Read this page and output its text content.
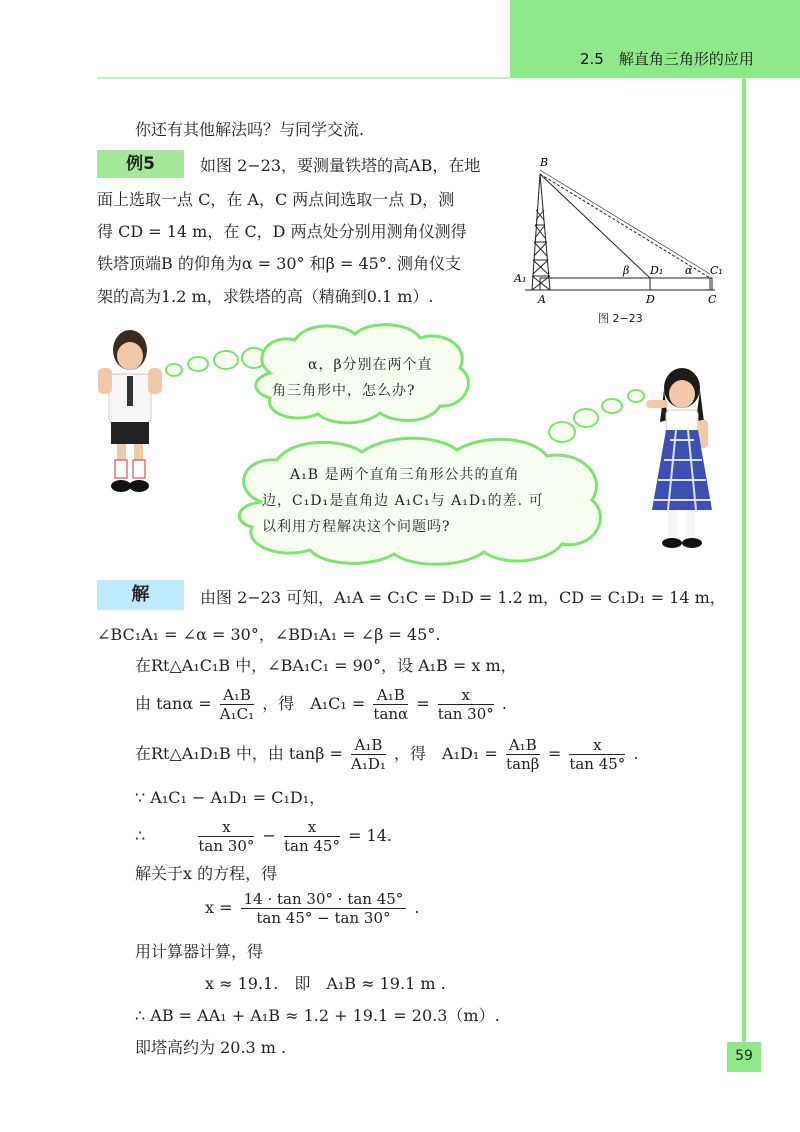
2.5　解直角三角形的应用
你还有其他解法吗？与同学交流.
例5	如图 2−23，要测量铁塔的高AB，在地
面上选取一点 C，在 A，C 两点间选取一点 D，测
得 CD = 14 m，在 C，D 两点处分别用测角仪测得
铁塔顶端B 的仰角为α = 30° 和β = 45°. 测角仪支
架的高为1.2 m，求铁塔的高（精确到0.1 m）.
B
A₁
A	D	C
β D₁ α C₁
图 2−23
α，β分别在两个直
角三角形中，怎么办?
A₁B 是两个直角三角形公共的直角
边，C₁D₁是直角边 A₁C₁与 A₁D₁的差. 可
以利用方程解决这个问题吗?
解	由图 2−23 可知，A₁A = C₁C = D₁D = 1.2 m，CD = C₁D₁ = 14 m，
∠BC₁A₁ = ∠α = 30°，∠BD₁A₁ = ∠β = 45°.
在Rt△A₁C₁B 中，∠BA₁C₁ = 90°，设 A₁B = x m，
由 $\tan\alpha = \frac{\text{A₁B}}{\text{A₁C₁}}$ ，得　$A_1C_1 = \frac{\text{A₁B}}{\tan\alpha} = \frac{x}{\tan 30^\circ}$ .
在Rt△A₁D₁B 中，由 $\tan\beta = \frac{\text{A₁B}}{\text{A₁D₁}}$ ，得　$A_1D_1 = \frac{\text{A₁B}}{\tan\beta} = \frac{x}{\tan 45^\circ}$ .
∵ A₁C₁ − A₁D₁ = C₁D₁，
∴	$\frac{x}{\tan 30^\circ} - \frac{x}{\tan 45^\circ} = 14$.
解关于x 的方程，得
$x = \frac{14 \cdot \tan 30^\circ \cdot \tan 45^\circ}{\tan 45^\circ - \tan 30^\circ}$ .
用计算器计算，得
x ≈ 19.1.　即　A₁B ≈ 19.1 m .
∴ AB = AA₁ + A₁B ≈ 1.2 + 19.1 = 20.3（m）.
即塔高约为 20.3 m .	59
